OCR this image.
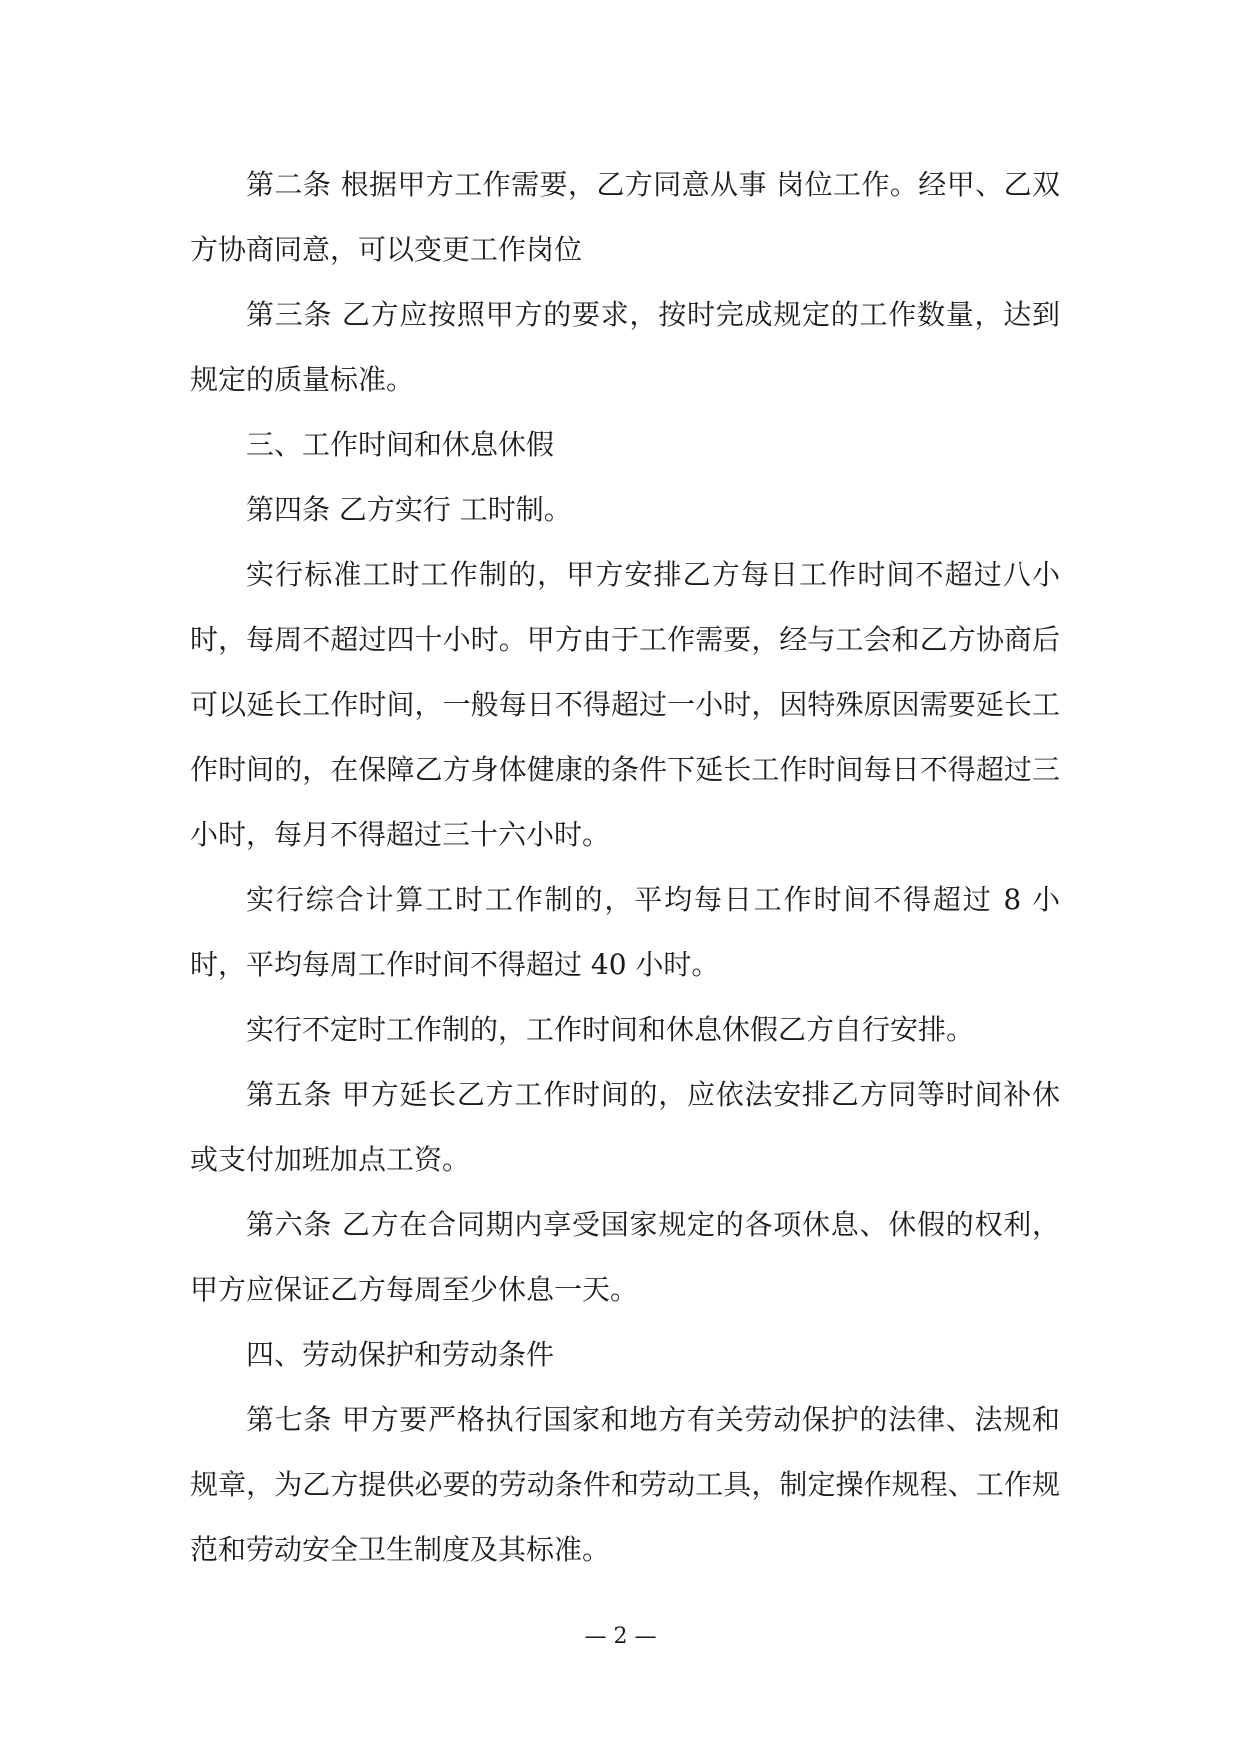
第二条 根据甲方工作需要，乙方同意从事 岗位工作。经甲、乙双方协商同意，可以变更工作岗位

第三条 乙方应按照甲方的要求，按时完成规定的工作数量，达到规定的质量标准。

三、工作时间和休息休假

第四条 乙方实行 工时制。

实行标准工时工作制的，甲方安排乙方每日工作时间不超过八小时，每周不超过四十小时。甲方由于工作需要，经与工会和乙方协商后可以延长工作时间，一般每日不得超过一小时，因特殊原因需要延长工作时间的，在保障乙方身体健康的条件下延长工作时间每日不得超过三小时，每月不得超过三十六小时。

实行综合计算工时工作制的，平均每日工作时间不得超过 8 小时，平均每周工作时间不得超过 40 小时。

实行不定时工作制的，工作时间和休息休假乙方自行安排。

第五条 甲方延长乙方工作时间的，应依法安排乙方同等时间补休或支付加班加点工资。

第六条 乙方在合同期内享受国家规定的各项休息、休假的权利，甲方应保证乙方每周至少休息一天。

四、劳动保护和劳动条件

第七条 甲方要严格执行国家和地方有关劳动保护的法律、法规和规章，为乙方提供必要的劳动条件和劳动工具，制定操作规程、工作规范和劳动安全卫生制度及其标准。

— 2 —
